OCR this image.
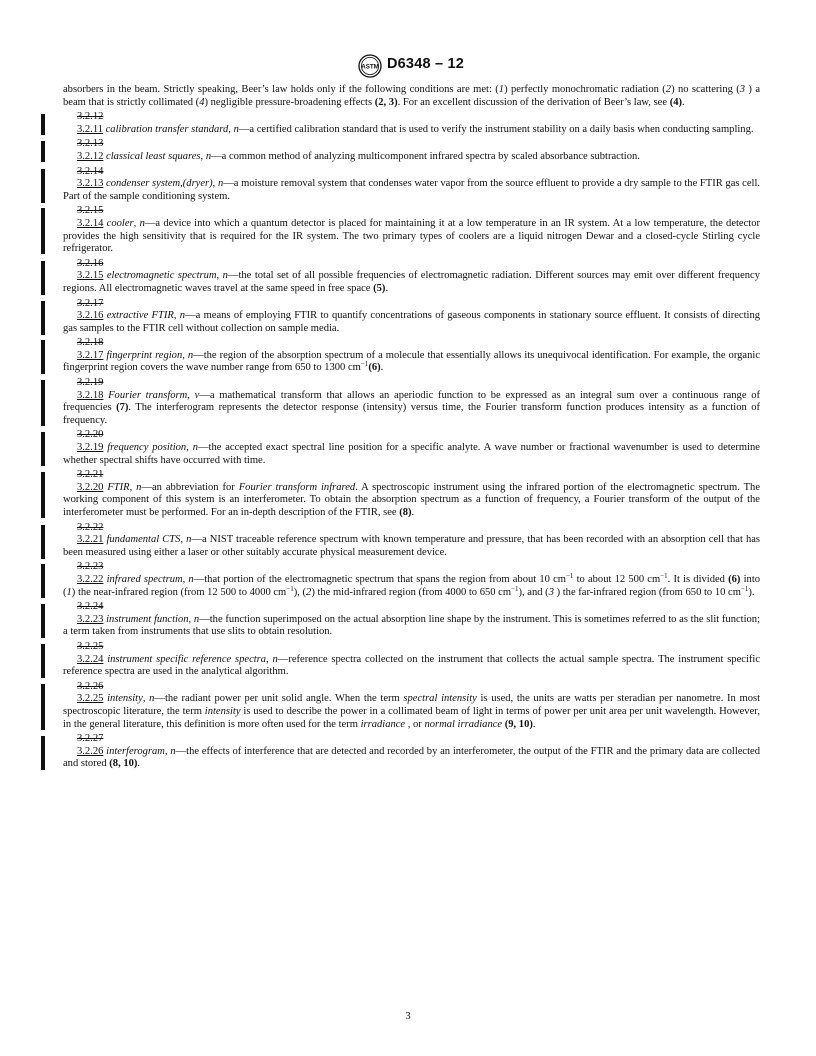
ASTM D6348 – 12
absorbers in the beam. Strictly speaking, Beer’s law holds only if the following conditions are met: (1) perfectly monochromatic radiation (2) no scattering (3 ) a beam that is strictly collimated (4) negligible pressure-broadening effects (2, 3). For an excellent discussion of the derivation of Beer’s law, see (4).
3.2.12
3.2.11 calibration transfer standard, n—a certified calibration standard that is used to verify the instrument stability on a daily basis when conducting sampling.
3.2.13
3.2.12 classical least squares, n—a common method of analyzing multicomponent infrared spectra by scaled absorbance subtraction.
3.2.14
3.2.13 condenser system,(dryer), n—a moisture removal system that condenses water vapor from the source effluent to provide a dry sample to the FTIR gas cell. Part of the sample conditioning system.
3.2.15
3.2.14 cooler, n—a device into which a quantum detector is placed for maintaining it at a low temperature in an IR system. At a low temperature, the detector provides the high sensitivity that is required for the IR system. The two primary types of coolers are a liquid nitrogen Dewar and a closed-cycle Stirling cycle refrigerator.
3.2.16
3.2.15 electromagnetic spectrum, n—the total set of all possible frequencies of electromagnetic radiation. Different sources may emit over different frequency regions. All electromagnetic waves travel at the same speed in free space (5).
3.2.17
3.2.16 extractive FTIR, n—a means of employing FTIR to quantify concentrations of gaseous components in stationary source effluent. It consists of directing gas samples to the FTIR cell without collection on sample media.
3.2.18
3.2.17 fingerprint region, n—the region of the absorption spectrum of a molecule that essentially allows its unequivocal identification. For example, the organic fingerprint region covers the wave number range from 650 to 1300 $cm^{-1}(6)$.
3.2.19
3.2.18 Fourier transform, v—a mathematical transform that allows an aperiodic function to be expressed as an integral sum over a continuous range of frequencies (7). The interferogram represents the detector response (intensity) versus time, the Fourier transform function produces intensity as a function of frequency.
3.2.20
3.2.19 frequency position, n—the accepted exact spectral line position for a specific analyte. A wave number or fractional wavenumber is used to determine whether spectral shifts have occurred with time.
3.2.21
3.2.20 FTIR, n—an abbreviation for Fourier transform infrared. A spectroscopic instrument using the infrared portion of the electromagnetic spectrum. The working component of this system is an interferometer. To obtain the absorption spectrum as a function of frequency, a Fourier transform of the output of the interferometer must be performed. For an in-depth description of the FTIR, see (8).
3.2.22
3.2.21 fundamental CTS, n—a NIST traceable reference spectrum with known temperature and pressure, that has been recorded with an absorption cell that has been measured using either a laser or other suitably accurate physical measurement device.
3.2.23
3.2.22 infrared spectrum, n—that portion of the electromagnetic spectrum that spans the region from about 10 $cm^{-1}$ to about 12 500 $cm^{-1}$. It is divided (6) into (1) the near-infrared region (from 12 500 to 4000 $cm^{-1}$), (2) the mid-infrared region (from 4000 to 650 $cm^{-1}$), and (3 ) the far-infrared region (from 650 to 10 $cm^{-1}$).
3.2.24
3.2.23 instrument function, n—the function superimposed on the actual absorption line shape by the instrument. This is sometimes referred to as the slit function; a term taken from instruments that use slits to obtain resolution.
3.2.25
3.2.24 instrument specific reference spectra, n—reference spectra collected on the instrument that collects the actual sample spectra. The instrument specific reference spectra are used in the analytical algorithm.
3.2.26
3.2.25 intensity, n—the radiant power per unit solid angle. When the term spectral intensity is used, the units are watts per steradian per nanometre. In most spectroscopic literature, the term intensity is used to describe the power in a collimated beam of light in terms of power per unit area per unit wavelength. However, in the general literature, this definition is more often used for the term irradiance , or normal irradiance (9, 10).
3.2.27
3.2.26 interferogram, n—the effects of interference that are detected and recorded by an interferometer, the output of the FTIR and the primary data are collected and stored (8, 10).
3
